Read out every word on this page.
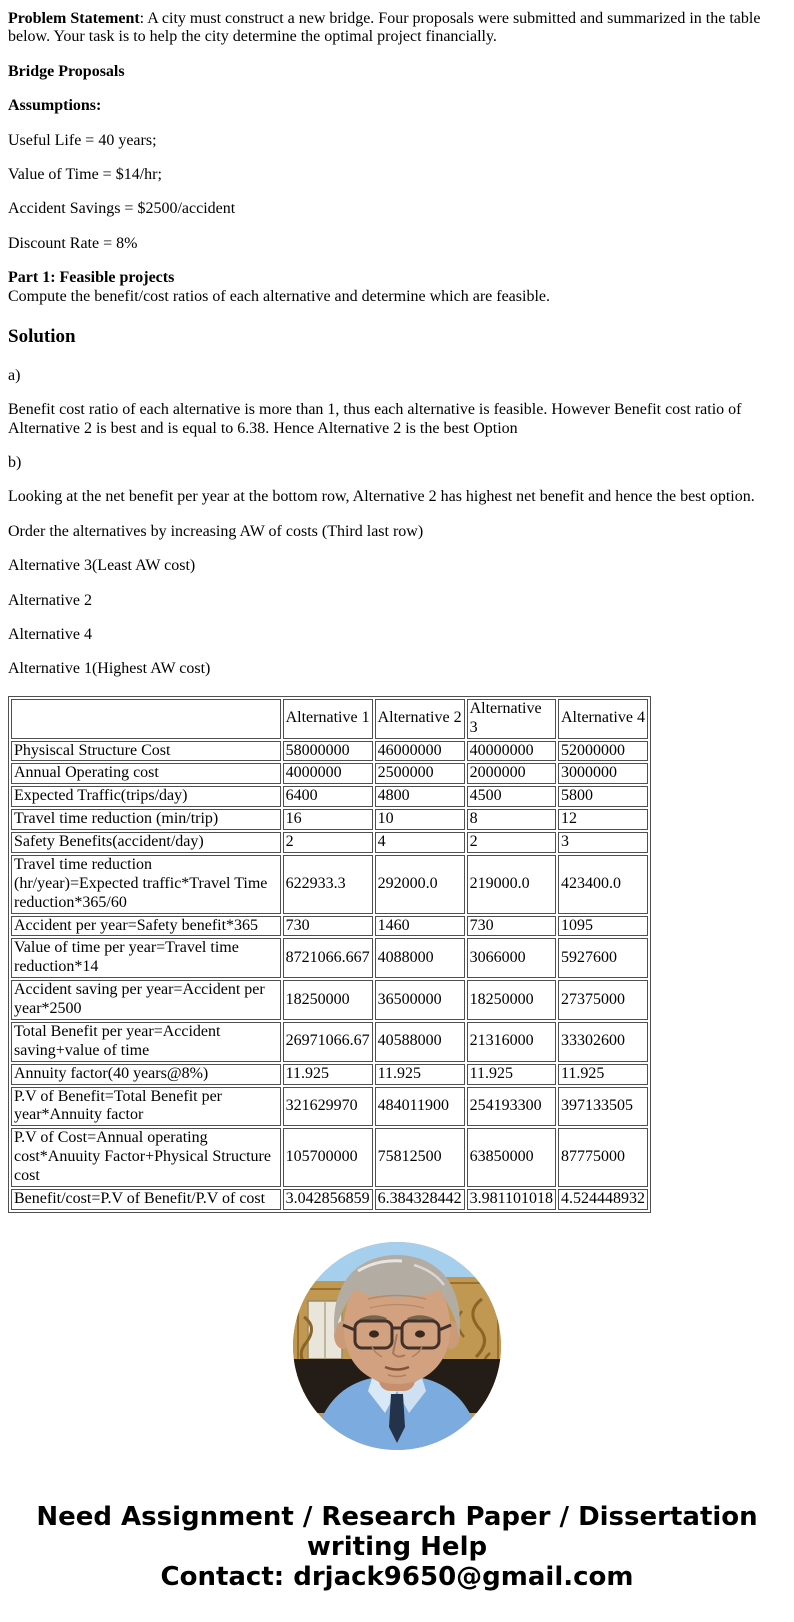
Problem Statement: A city must construct a new bridge. Four proposals were submitted and summarized in the table below. Your task is to help the city determine the optimal project financially.

Bridge Proposals

Assumptions:

Useful Life = 40 years;

Value of Time = $14/hr;

Accident Savings = $2500/accident

Discount Rate = 8%

Part 1: Feasible projects
Compute the benefit/cost ratios of each alternative and determine which are feasible.
Solution

a)

Benefit cost ratio of each alternative is more than 1, thus each alternative is feasible. However Benefit cost ratio of Alternative 2 is best and is equal to 6.38. Hence Alternative 2 is the best Option

b)

Looking at the net benefit per year at the bottom row, Alternative 2 has highest net benefit and hence the best option.

Order the alternatives by increasing AW of costs (Third last row)

Alternative 3(Least AW cost)

Alternative 2

Alternative 4

Alternative 1(Highest AW cost)

	Alternative 1	Alternative 2	Alternative 3	Alternative 4
Physiscal Structure Cost	58000000	46000000	40000000	52000000
Annual Operating cost	4000000	2500000	2000000	3000000
Expected Traffic(trips/day)	6400	4800	4500	5800
Travel time reduction (min/trip)	16	10	8	12
Safety Benefits(accident/day)	2	4	2	3
Travel time reduction (hr/year)=Expected traffic*Travel Time reduction*365/60	622933.3	292000.0	219000.0	423400.0
Accident per year=Safety benefit*365	730	1460	730	1095
Value of time per year=Travel time reduction*14	8721066.667	4088000	3066000	5927600
Accident saving per year=Accident per year*2500	18250000	36500000	18250000	27375000
Total Benefit per year=Accident saving+value of time	26971066.67	40588000	21316000	33302600
Annuity factor(40 years@8%)	11.925	11.925	11.925	11.925
P.V of Benefit=Total Benefit per year*Annuity factor	321629970	484011900	254193300	397133505
P.V of Cost=Annual operating cost*Anuuity Factor+Physical Structure cost	105700000	75812500	63850000	87775000
Benefit/cost=P.V of Benefit/P.V of cost	3.042856859	6.384328442	3.981101018	4.524448932
Need Assignment / Research Paper / Dissertation writing Help
Contact: drjack9650@gmail.com
